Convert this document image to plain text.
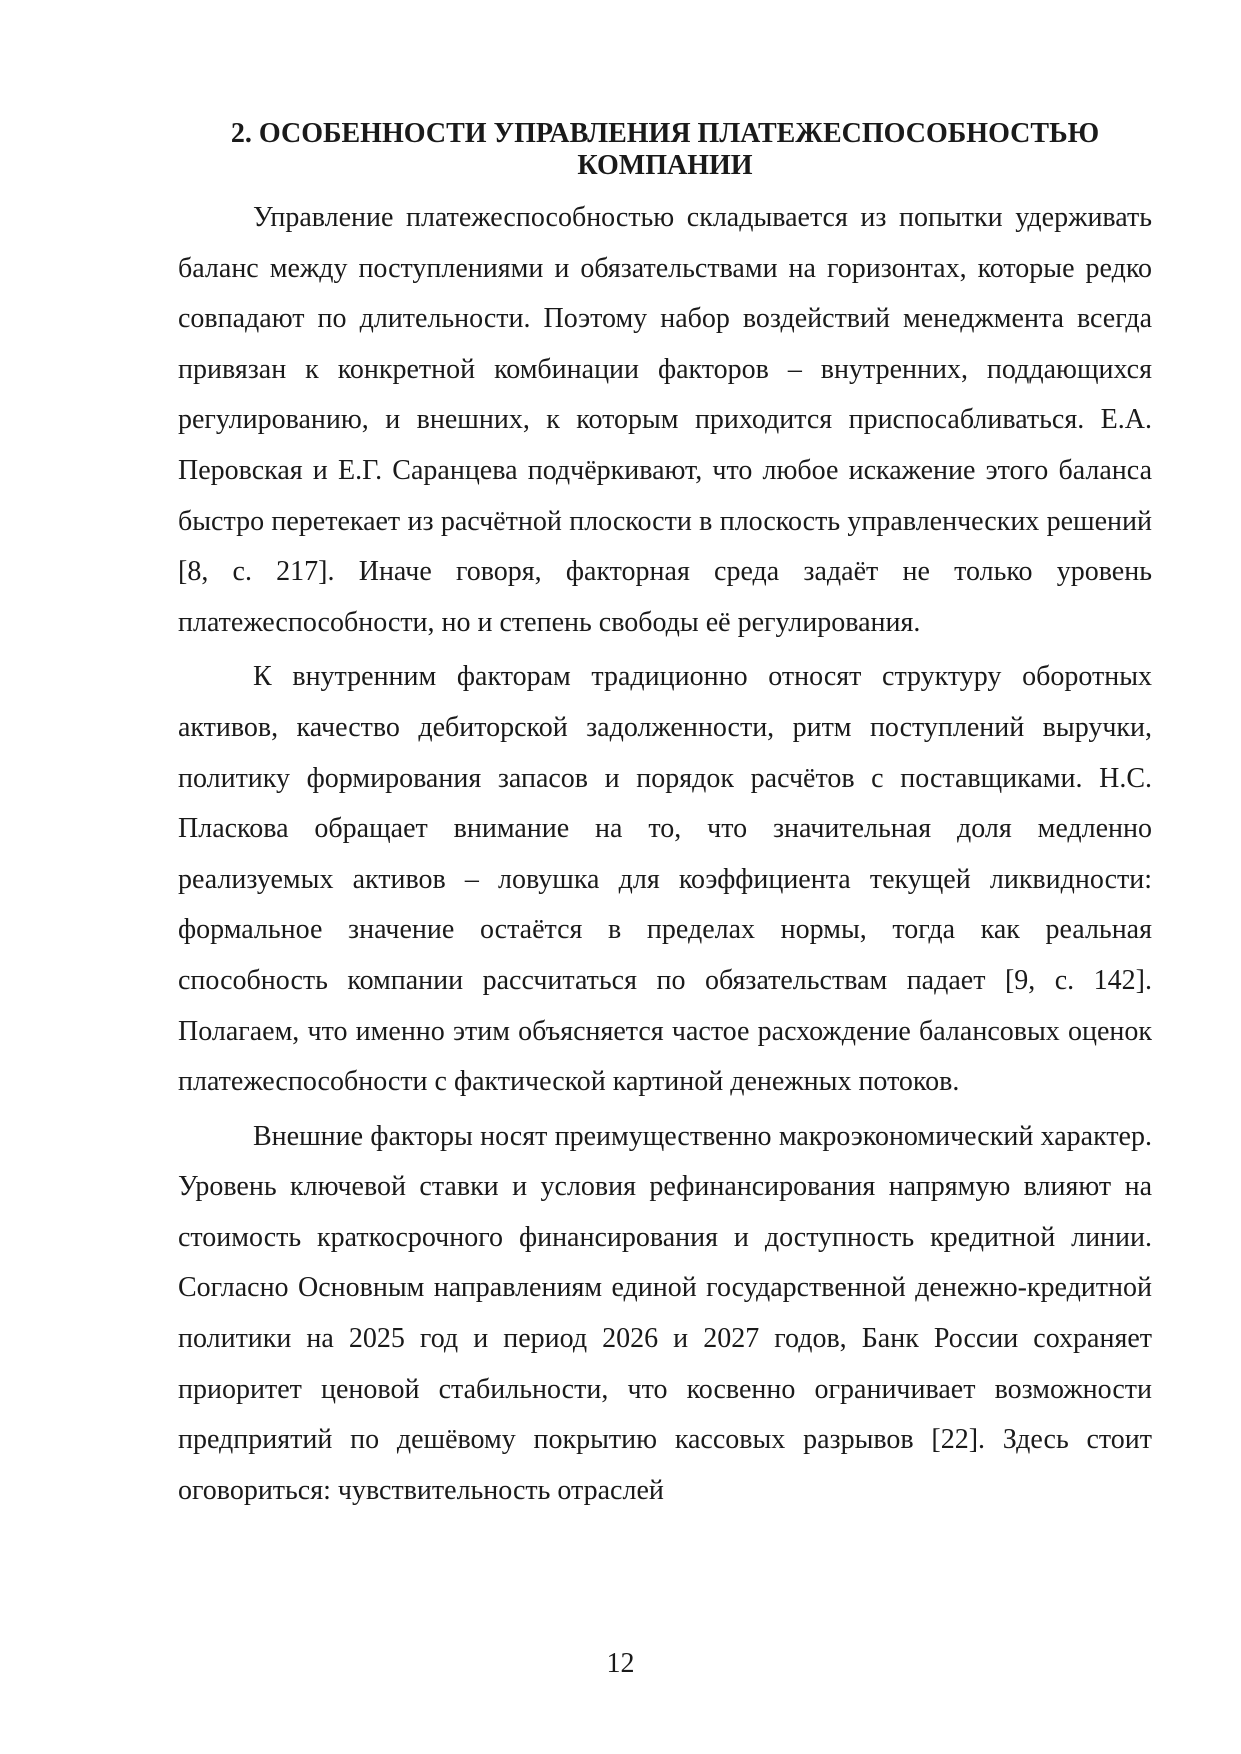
2. ОСОБЕННОСТИ УПРАВЛЕНИЯ ПЛАТЕЖЕСПОСОБНОСТЬЮ
КОМПАНИИ

Управление платежеспособностью складывается из попытки удерживать баланс между поступлениями и обязательствами на горизонтах, которые редко совпадают по длительности. Поэтому набор воздействий менеджмента всегда привязан к конкретной комбинации факторов – внутренних, поддающихся регулированию, и внешних, к которым приходится приспосабливаться. Е.А. Перовская и Е.Г. Саранцева подчёркивают, что любое искажение этого баланса быстро перетекает из расчётной плоскости в плоскость управленческих решений [8, с. 217]. Иначе говоря, факторная среда задаёт не только уровень платежеспособности, но и степень свободы её регулирования.

К внутренним факторам традиционно относят структуру оборотных активов, качество дебиторской задолженности, ритм поступлений выручки, политику формирования запасов и порядок расчётов с поставщиками. Н.С. Пласкова обращает внимание на то, что значительная доля медленно реализуемых активов – ловушка для коэффициента текущей ликвидности: формальное значение остаётся в пределах нормы, тогда как реальная способность компании рассчитаться по обязательствам падает [9, с. 142]. Полагаем, что именно этим объясняется частое расхождение балансовых оценок платежеспособности с фактической картиной денежных потоков.

Внешние факторы носят преимущественно макроэкономический характер. Уровень ключевой ставки и условия рефинансирования напрямую влияют на стоимость краткосрочного финансирования и доступность кредитной линии. Согласно Основным направлениям единой государственной денежно-кредитной политики на 2025 год и период 2026 и 2027 годов, Банк России сохраняет приоритет ценовой стабильности, что косвенно ограничивает возможности предприятий по дешёвому покрытию кассовых разрывов [22]. Здесь стоит оговориться: чувствительность отраслей

12
